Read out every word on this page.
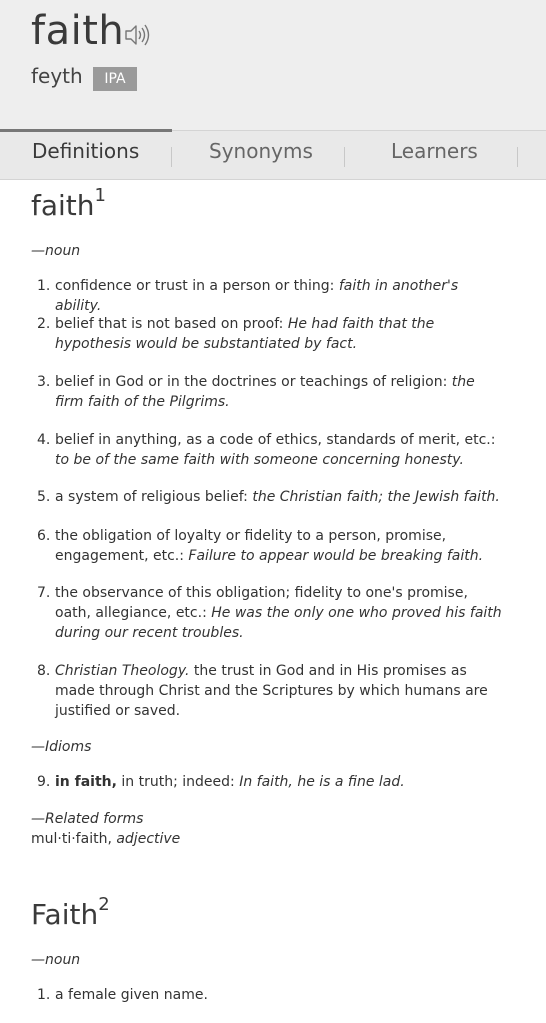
faith
feyth	IPA
Definitions	Synonyms	Learners
faith$^1$
—noun
1. confidence or trust in a person or thing: faith in another's ability.
2. belief that is not based on proof: He had faith that the hypothesis would be substantiated by fact.
3. belief in God or in the doctrines or teachings of religion: the firm faith of the Pilgrims.
4. belief in anything, as a code of ethics, standards of merit, etc.: to be of the same faith with someone concerning honesty.
5. a system of religious belief: the Christian faith; the Jewish faith.
6. the obligation of loyalty or fidelity to a person, promise, engagement, etc.: Failure to appear would be breaking faith.
7. the observance of this obligation; fidelity to one's promise, oath, allegiance, etc.: He was the only one who proved his faith during our recent troubles.
8. Christian Theology. the trust in God and in His promises as made through Christ and the Scriptures by which humans are justified or saved.
—Idioms
9. in faith, in truth; indeed: In faith, he is a fine lad.
—Related forms
mul·ti·faith, adjective
Faith$^2$
—noun
1. a female given name.
